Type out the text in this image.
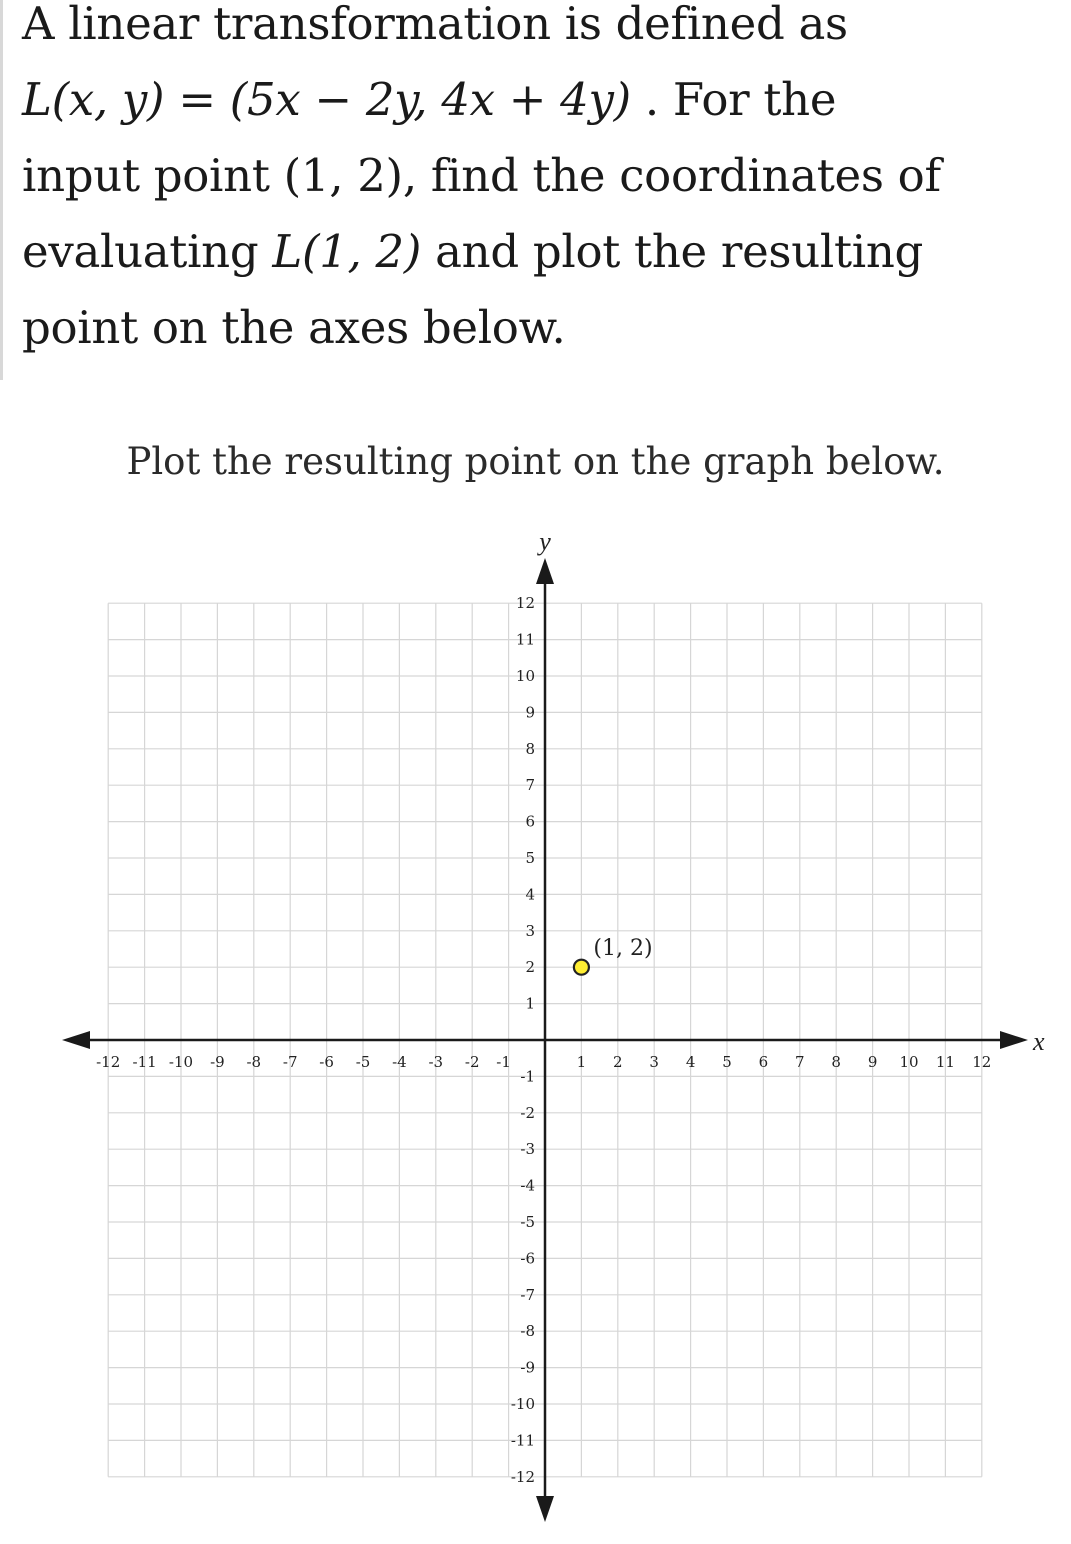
A linear transformation is defined as
L(x, y) = (5x − 2y, 4x + 4y) . For the
input point (1, 2), find the coordinates of
evaluating L(1, 2) and plot the resulting
point on the axes below.
Plot the resulting point on the graph below.
-12 -11 -10 -9 -8 -7 -6 -5 -4 -3 -2 -1	1 2 3 4 5 6 7 8 9 10 11 12
12
11
10
9
8
7
6
5
4
3
2
1
-1
-2
-3
-4
-5
-6
-7
-8
-9
-10
-11
-12
x
y
(1, 2)
